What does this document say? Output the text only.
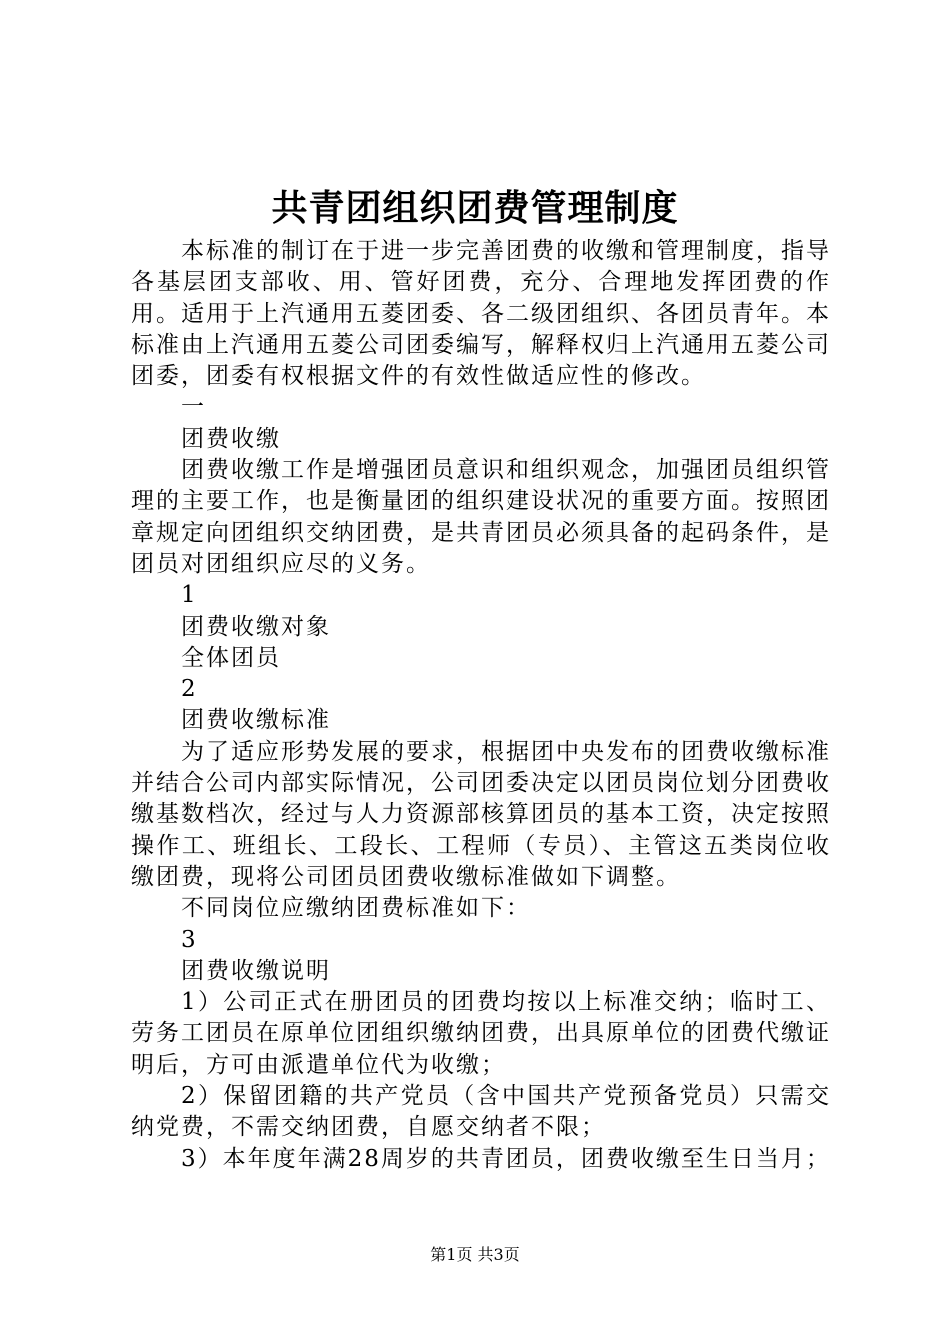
共青团组织团费管理制度

本标准的制订在于进一步完善团费的收缴和管理制度，指导各基层团支部收、用、管好团费，充分、合理地发挥团费的作用。适用于上汽通用五菱团委、各二级团组织、各团员青年。本标准由上汽通用五菱公司团委编写，解释权归上汽通用五菱公司团委，团委有权根据文件的有效性做适应性的修改。

一

团费收缴

团费收缴工作是增强团员意识和组织观念，加强团员组织管理的主要工作，也是衡量团的组织建设状况的重要方面。按照团章规定向团组织交纳团费，是共青团员必须具备的起码条件，是团员对团组织应尽的义务。

1

团费收缴对象

全体团员

2

团费收缴标准

为了适应形势发展的要求，根据团中央发布的团费收缴标准并结合公司内部实际情况，公司团委决定以团员岗位划分团费收缴基数档次，经过与人力资源部核算团员的基本工资，决定按照操作工、班组长、工段长、工程师（专员）、主管这五类岗位收缴团费，现将公司团员团费收缴标准做如下调整。

不同岗位应缴纳团费标准如下：

3

团费收缴说明

1）公司正式在册团员的团费均按以上标准交纳；临时工、劳务工团员在原单位团组织缴纳团费，出具原单位的团费代缴证明后，方可由派遣单位代为收缴；

2）保留团籍的共产党员（含中国共产党预备党员）只需交纳党费，不需交纳团费，自愿交纳者不限；

3）本年度年满28周岁的共青团员，团费收缴至生日当月；

第1页 共3页
